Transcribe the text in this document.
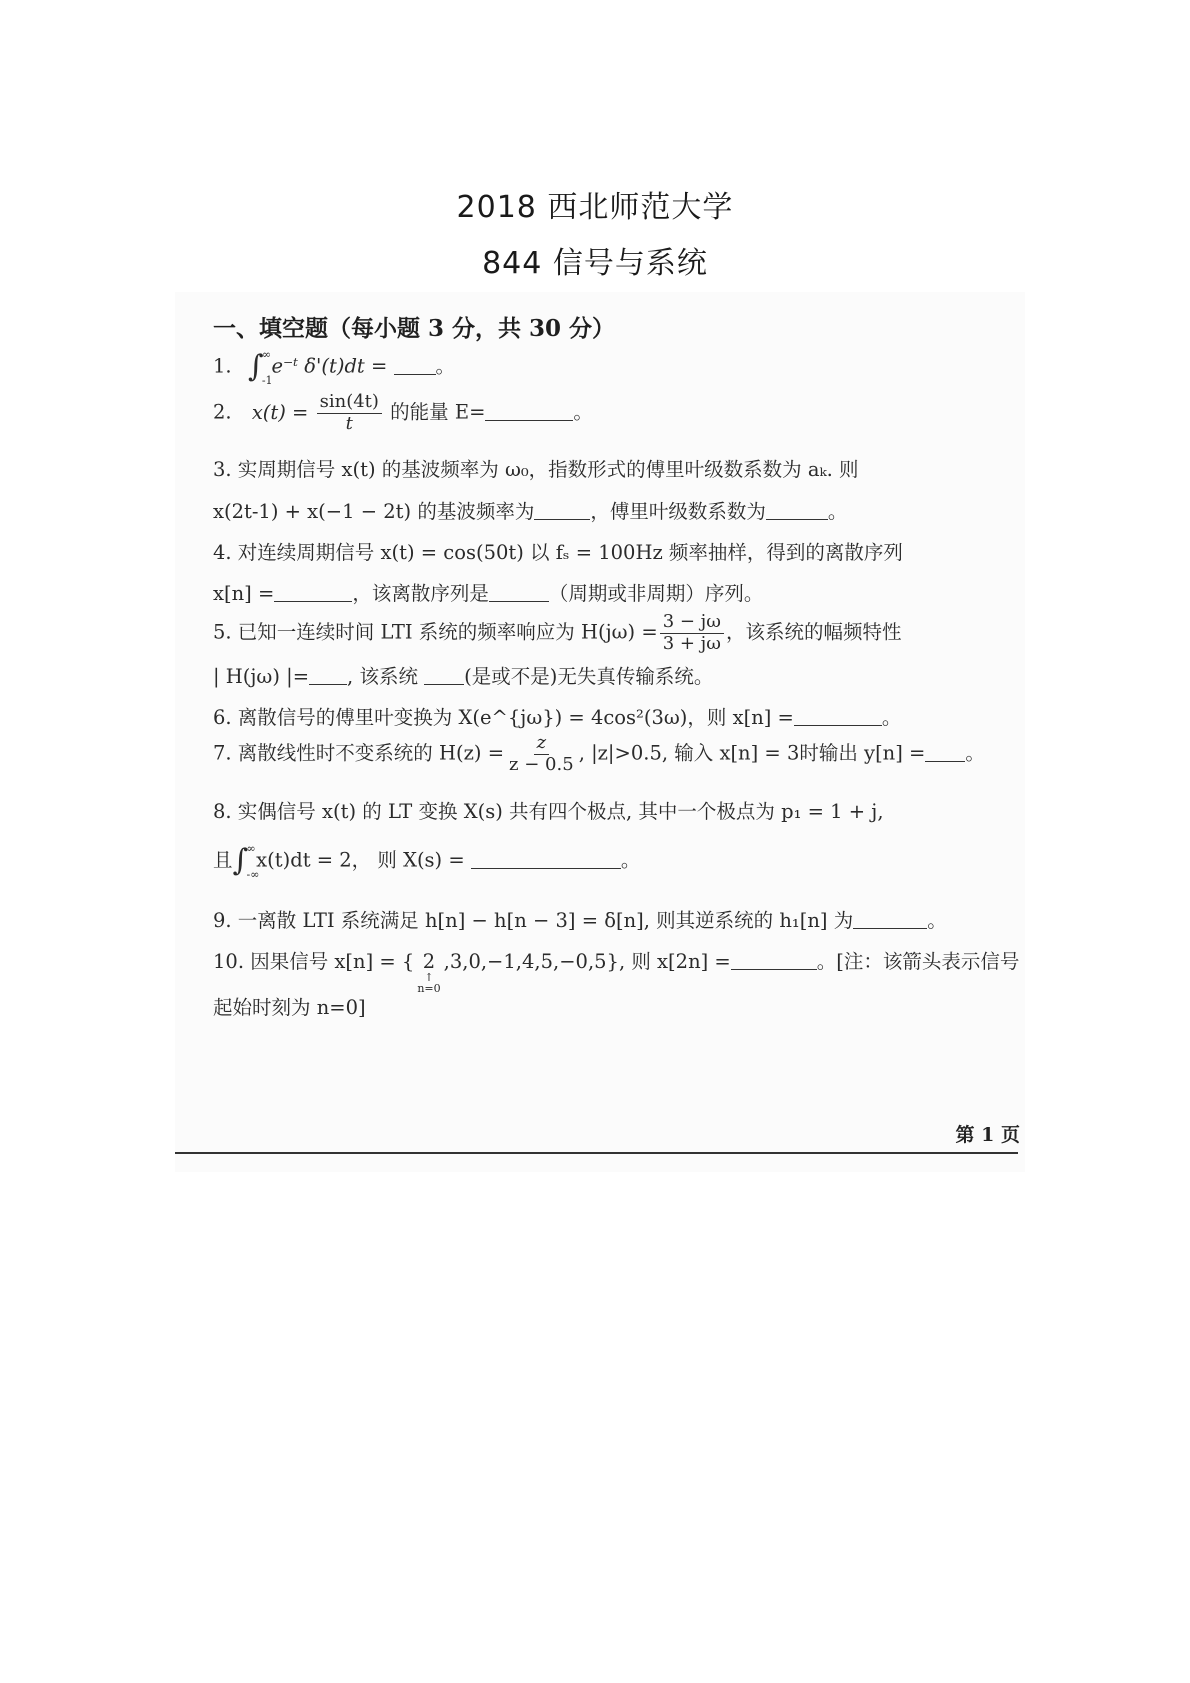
2018 西北师范大学
844 信号与系统
一、填空题（每小题 3 分，共 30 分）
1. ∫
∞
-1
e⁻ᵗ δ'(t)dt = 。
2. $x(t) = \frac{\sin(4t)}{t}$ 的能量 E=	。
3. 实周期信号 x(t) 的基波频率为 ω₀，指数形式的傅里叶级数系数为 aₖ. 则
x(2t-1) + x(−1 − 2t) 的基波频率为	，傅里叶级数系数为	。
4. 对连续周期信号 x(t) = cos(50t) 以 fₛ = 100Hz 频率抽样，得到的离散序列
x[n] =	，该离散序列是	（周期或非周期）序列。
5. 已知一连续时间 LTI 系统的频率响应为 $H(j\omega) = \frac{3 - j\omega}{3 + j\omega}$ ，该系统的幅频特性
| H(jω) |= , 该系统 (是或不是)无失真传输系统。
6. 离散信号的傅里叶变换为 X(e^{jω}) = 4cos²(3ω)，则 x[n] =	。
7. 离散线性时不变系统的 $H(z) = \frac{z}{z - 0.5}$ , |z|>0.5, 输入 x[n] = 3时输出 y[n] = 。
8. 实偶信号 x(t) 的 LT 变换 X(s) 共有四个极点, 其中一个极点为 p₁ = 1 + j,
且∫
∞
-∞
x(t)dt = 2， 则 X(s) =	。
9. 一离散 LTI 系统满足 h[n] − h[n − 3] = δ[n], 则其逆系统的 h₁[n] 为	。
10. 因果信号 x[n] = { 2
↑
n=0
,3,0,−1,4,5,−0,5}, 则 x[2n] =	。[注：该箭头表示信号
起始时刻为 n=0]
第 1 页
